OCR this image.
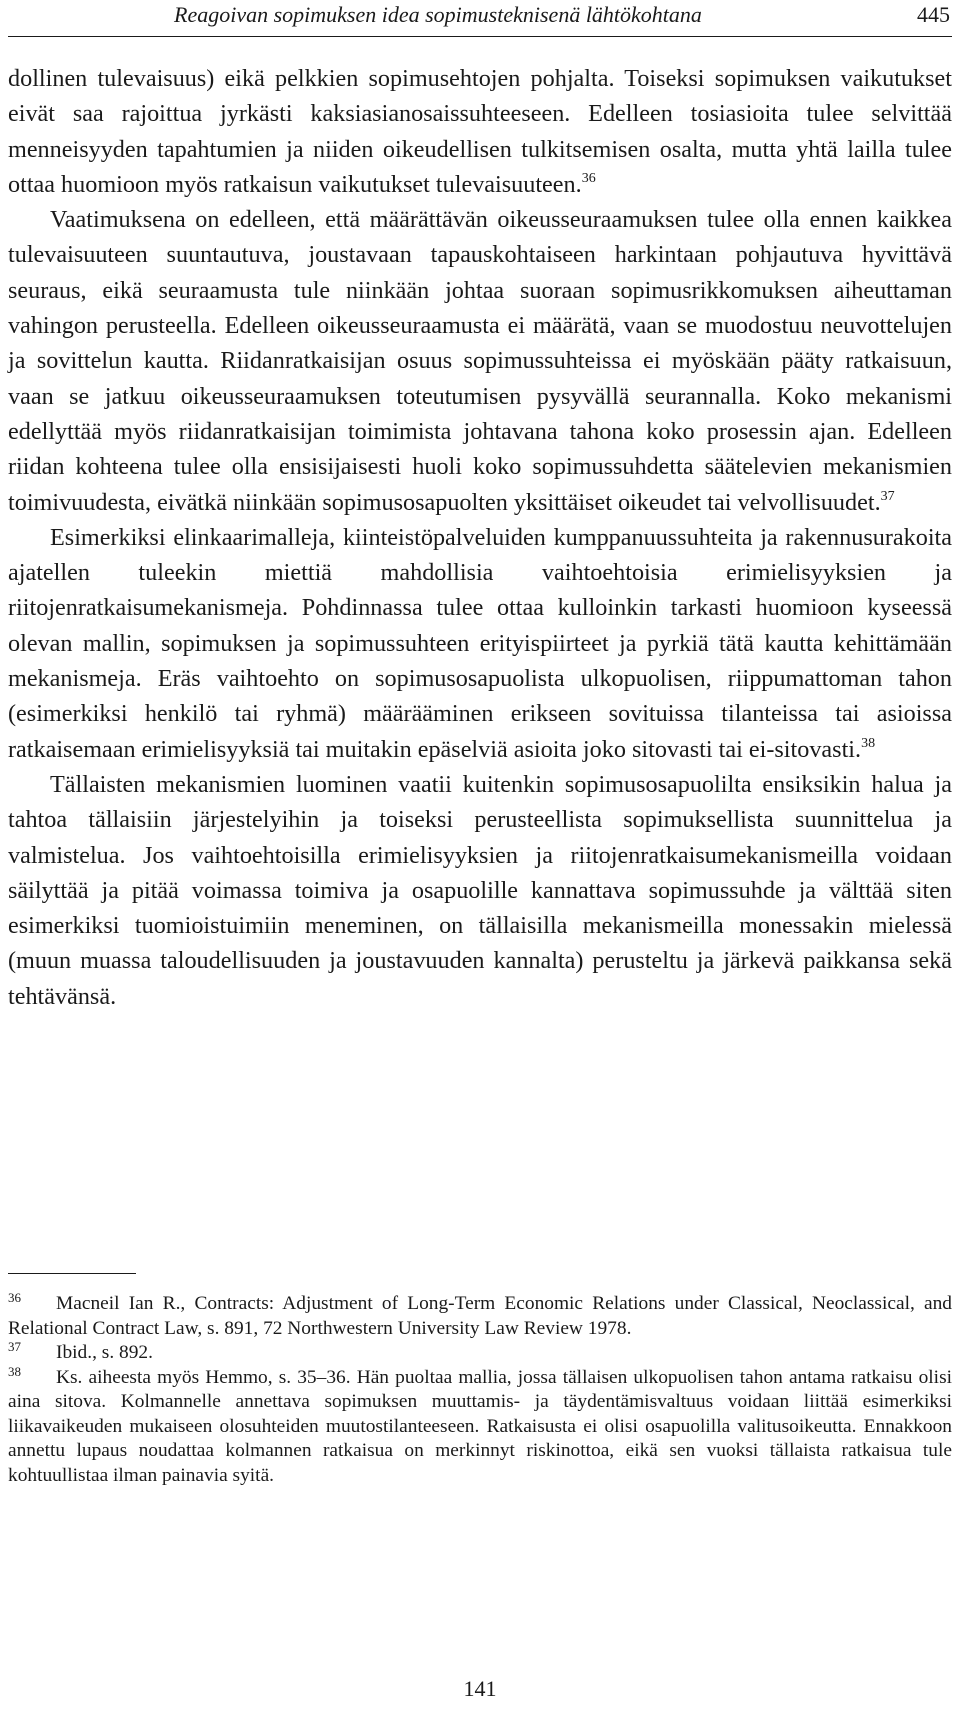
Reagoivan sopimuksen idea sopimusteknisenä lähtökohtana	445

dollinen tulevaisuus) eikä pelkkien sopimusehtojen pohjalta. Toiseksi sopimuksen vaikutukset eivät saa rajoittua jyrkästi kaksiasianosaissuhteeseen. Edelleen tosiasioita tulee selvittää menneisyyden tapahtumien ja niiden oikeudellisen tulkitsemisen osalta, mutta yhtä lailla tulee ottaa huomioon myös ratkaisun vaikutukset tulevaisuuteen.$^{36}$

Vaatimuksena on edelleen, että määrättävän oikeusseuraamuksen tulee olla ennen kaikkea tulevaisuuteen suuntautuva, joustavaan tapauskohtaiseen harkintaan pohjautuva hyvittävä seuraus, eikä seuraamusta tule niinkään johtaa suoraan sopimusrikkomuksen aiheuttaman vahingon perusteella. Edelleen oikeusseuraamusta ei määrätä, vaan se muodostuu neuvottelujen ja sovittelun kautta. Riidanratkaisijan osuus sopimussuhteissa ei myöskään pääty ratkaisuun, vaan se jatkuu oikeusseuraamuksen toteutumisen pysyvällä seurannalla. Koko mekanismi edellyttää myös riidanratkaisijan toimimista johtavana tahona koko prosessin ajan. Edelleen riidan kohteena tulee olla ensisijaisesti huoli koko sopimussuhdetta säätelevien mekanismien toimivuudesta, eivätkä niinkään sopimusosapuolten yksittäiset oikeudet tai velvollisuudet.$^{37}$

Esimerkiksi elinkaarimalleja, kiinteistöpalveluiden kumppanuussuhteita ja rakennusurakoita ajatellen tuleekin miettiä mahdollisia vaihtoehtoisia erimielisyyksien ja riitojenratkaisumekanismeja. Pohdinnassa tulee ottaa kulloinkin tarkasti huomioon kyseessä olevan mallin, sopimuksen ja sopimussuhteen erityispiirteet ja pyrkiä tätä kautta kehittämään mekanismeja. Eräs vaihtoehto on sopimusosapuolista ulkopuolisen, riippumattoman tahon (esimerkiksi henkilö tai ryhmä) määrääminen erikseen sovituissa tilanteissa tai asioissa ratkaisemaan erimielisyyksiä tai muitakin epäselviä asioita joko sitovasti tai ei-sitovasti.$^{38}$

Tällaisten mekanismien luominen vaatii kuitenkin sopimusosapuolilta ensiksikin halua ja tahtoa tällaisiin järjestelyihin ja toiseksi perusteellista sopimuksellista suunnittelua ja valmistelua. Jos vaihtoehtoisilla erimielisyyksien ja riitojenratkaisumekanismeilla voidaan säilyttää ja pitää voimassa toimiva ja osapuolille kannattava sopimussuhde ja välttää siten esimerkiksi tuomioistuimiin meneminen, on tällaisilla mekanismeilla monessakin mielessä (muun muassa taloudellisuuden ja joustavuuden kannalta) perusteltu ja järkevä paikkansa sekä tehtävänsä.

36 Macneil Ian R., Contracts: Adjustment of Long-Term Economic Relations under Classical, Neoclassical, and Relational Contract Law, s. 891, 72 Northwestern University Law Review 1978.

37 Ibid., s. 892.

38 Ks. aiheesta myös Hemmo, s. 35–36. Hän puoltaa mallia, jossa tällaisen ulkopuolisen tahon antama ratkaisu olisi aina sitova. Kolmannelle annettava sopimuksen muuttamis- ja täydentämisvaltuus voidaan liittää esimerkiksi liikavaikeuden mukaiseen olosuhteiden muutostilanteeseen. Ratkaisusta ei olisi osapuolilla valitusoikeutta. Ennakkoon annettu lupaus noudattaa kolmannen ratkaisua on merkinnyt riskinottoa, eikä sen vuoksi tällaista ratkaisua tule kohtuullistaa ilman painavia syitä.

141
